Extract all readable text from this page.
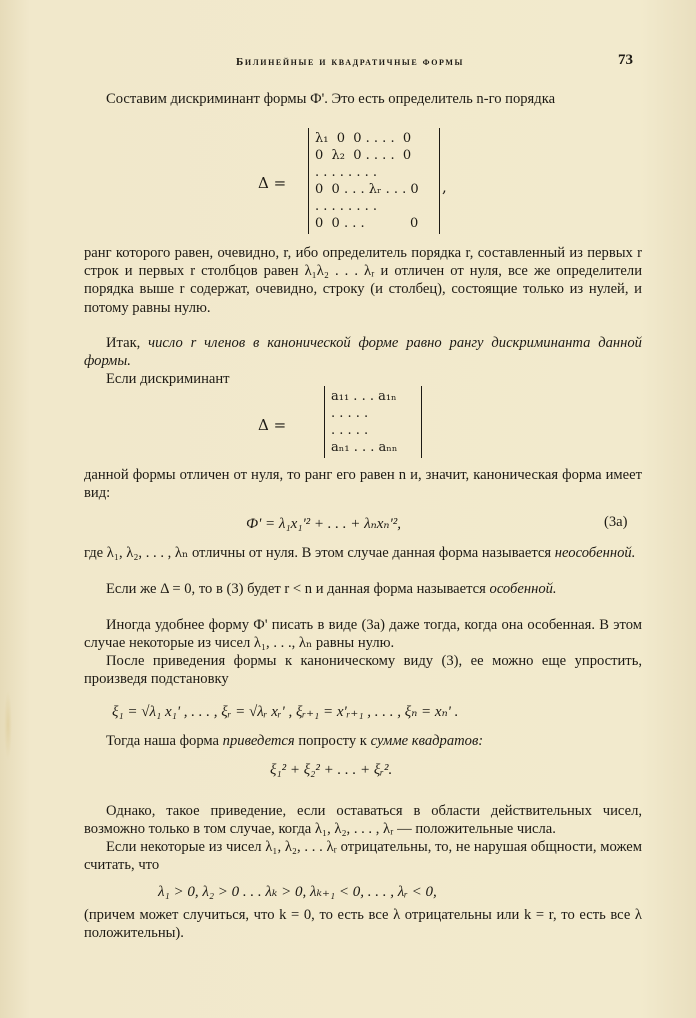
Билинейные и квадратичные формы	73
Составим дискриминант формы Ф'. Это есть определитель n-го порядка
Δ =
λ₁  0  0 . . . .  0
0  λ₂  0 . . . .  0
. . . . . . . .
0  0 . . . λᵣ . . . 0
. . . . . . . .
0  0 . . .           0
,
ранг которого равен, очевидно, r, ибо определитель порядка r, составленный из первых r строк и первых r столбцов равен λ₁λ₂ . . . λᵣ и отличен от нуля, все же определители порядка выше r содержат, очевидно, строку (и столбец), состоящие только из нулей, и потому равны нулю.
Итак, число r членов в канонической форме равно рангу дискриминанта данной формы.
Если дискриминант
Δ =
a₁₁ . . . a₁ₙ
. . . . .
. . . . .
aₙ₁ . . . aₙₙ
данной формы отличен от нуля, то ранг его равен n и, значит, каноническая форма имеет вид:
Ф' = λ₁x₁'² + . . . + λₙxₙ'²,	(3а)
где λ₁, λ₂, . . . , λₙ отличны от нуля. В этом случае данная форма называется неособенной.
Если же Δ = 0, то в (3) будет r < n и данная форма называется особенной.
Иногда удобнее форму Ф' писать в виде (3а) даже тогда, когда она особенная. В этом случае некоторые из чисел λ₁, . . ., λₙ равны нулю.
После приведения формы к каноническому виду (3), ее можно еще упростить, произведя подстановку
ξ₁ = √λ₁ x₁' , . . . , ξᵣ = √λᵣ xᵣ' , ξᵣ₊₁ = x'ᵣ₊₁ , . . . , ξₙ = xₙ' .
Тогда наша форма приведется попросту к сумме квадратов:
ξ₁² + ξ₂² + . . . + ξᵣ².
Однако, такое приведение, если оставаться в области действительных чисел, возможно только в том случае, когда λ₁, λ₂, . . . , λᵣ — положительные числа.
Если некоторые из чисел λ₁, λ₂, . . . λᵣ отрицательны, то, не нарушая общности, можем считать, что
λ₁ > 0, λ₂ > 0 . . . λₖ > 0, λₖ₊₁ < 0, . . . , λᵣ < 0,
(причем может случиться, что k = 0, то есть все λ отрицательны или k = r, то есть все λ положительны).
